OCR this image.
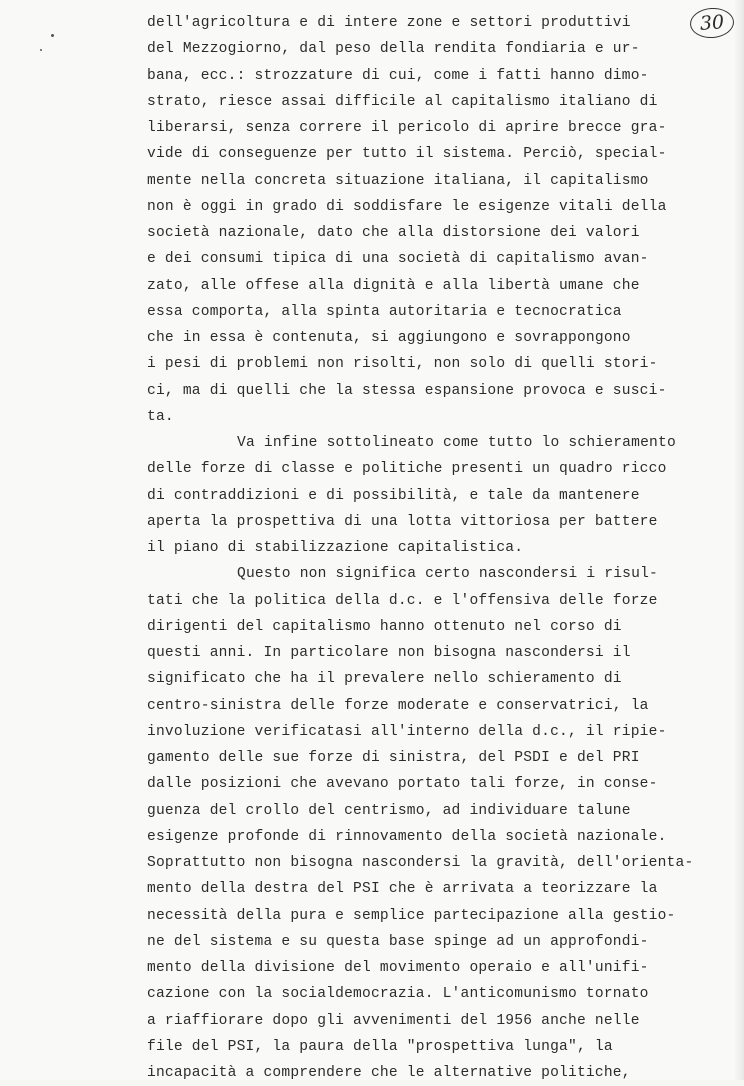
30
dell'agricoltura e di intere zone e settori produttivi
del Mezzogiorno, dal peso della rendita fondiaria e ur-
bana, ecc.: strozzature di cui, come i fatti hanno dimo-
strato, riesce assai difficile al capitalismo italiano di
liberarsi, senza correre il pericolo di aprire brecce gra-
vide di conseguenze per tutto il sistema. Perciò, special-
mente nella concreta situazione italiana, il capitalismo
non è oggi in grado di soddisfare le esigenze vitali della
società nazionale, dato che alla distorsione dei valori
e dei consumi tipica di una società di capitalismo avan-
zato, alle offese alla dignità e alla libertà umane che
essa comporta, alla spinta autoritaria e tecnocratica
che in essa è contenuta, si aggiungono e sovrappongono
i pesi di problemi non risolti, non solo di quelli stori-
ci, ma di quelli che la stessa espansione provoca e susci-
ta.
Va infine sottolineato come tutto lo schieramento
delle forze di classe e politiche presenti un quadro ricco
di contraddizioni e di possibilità, e tale da mantenere
aperta la prospettiva di una lotta vittoriosa per battere
il piano di stabilizzazione capitalistica.
Questo non significa certo nascondersi i risul-
tati che la politica della d.c. e l'offensiva delle forze
dirigenti del capitalismo hanno ottenuto nel corso di
questi anni. In particolare non bisogna nascondersi il
significato che ha il prevalere nello schieramento di
centro-sinistra delle forze moderate e conservatrici, la
involuzione verificatasi all'interno della d.c., il ripie-
gamento delle sue forze di sinistra, del PSDI e del PRI
dalle posizioni che avevano portato tali forze, in conse-
guenza del crollo del centrismo, ad individuare talune
esigenze profonde di rinnovamento della società nazionale.
Soprattutto non bisogna nascondersi la gravità, dell'orienta-
mento della destra del PSI che è arrivata a teorizzare la
necessità della pura e semplice partecipazione alla gestio-
ne del sistema e su questa base spinge ad un approfondi-
mento della divisione del movimento operaio e all'unifi-
cazione con la socialdemocrazia. L'anticomunismo tornato
a riaffiorare dopo gli avvenimenti del 1956 anche nelle
file del PSI, la paura della "prospettiva lunga", la
incapacità a comprendere che le alternative politiche,
